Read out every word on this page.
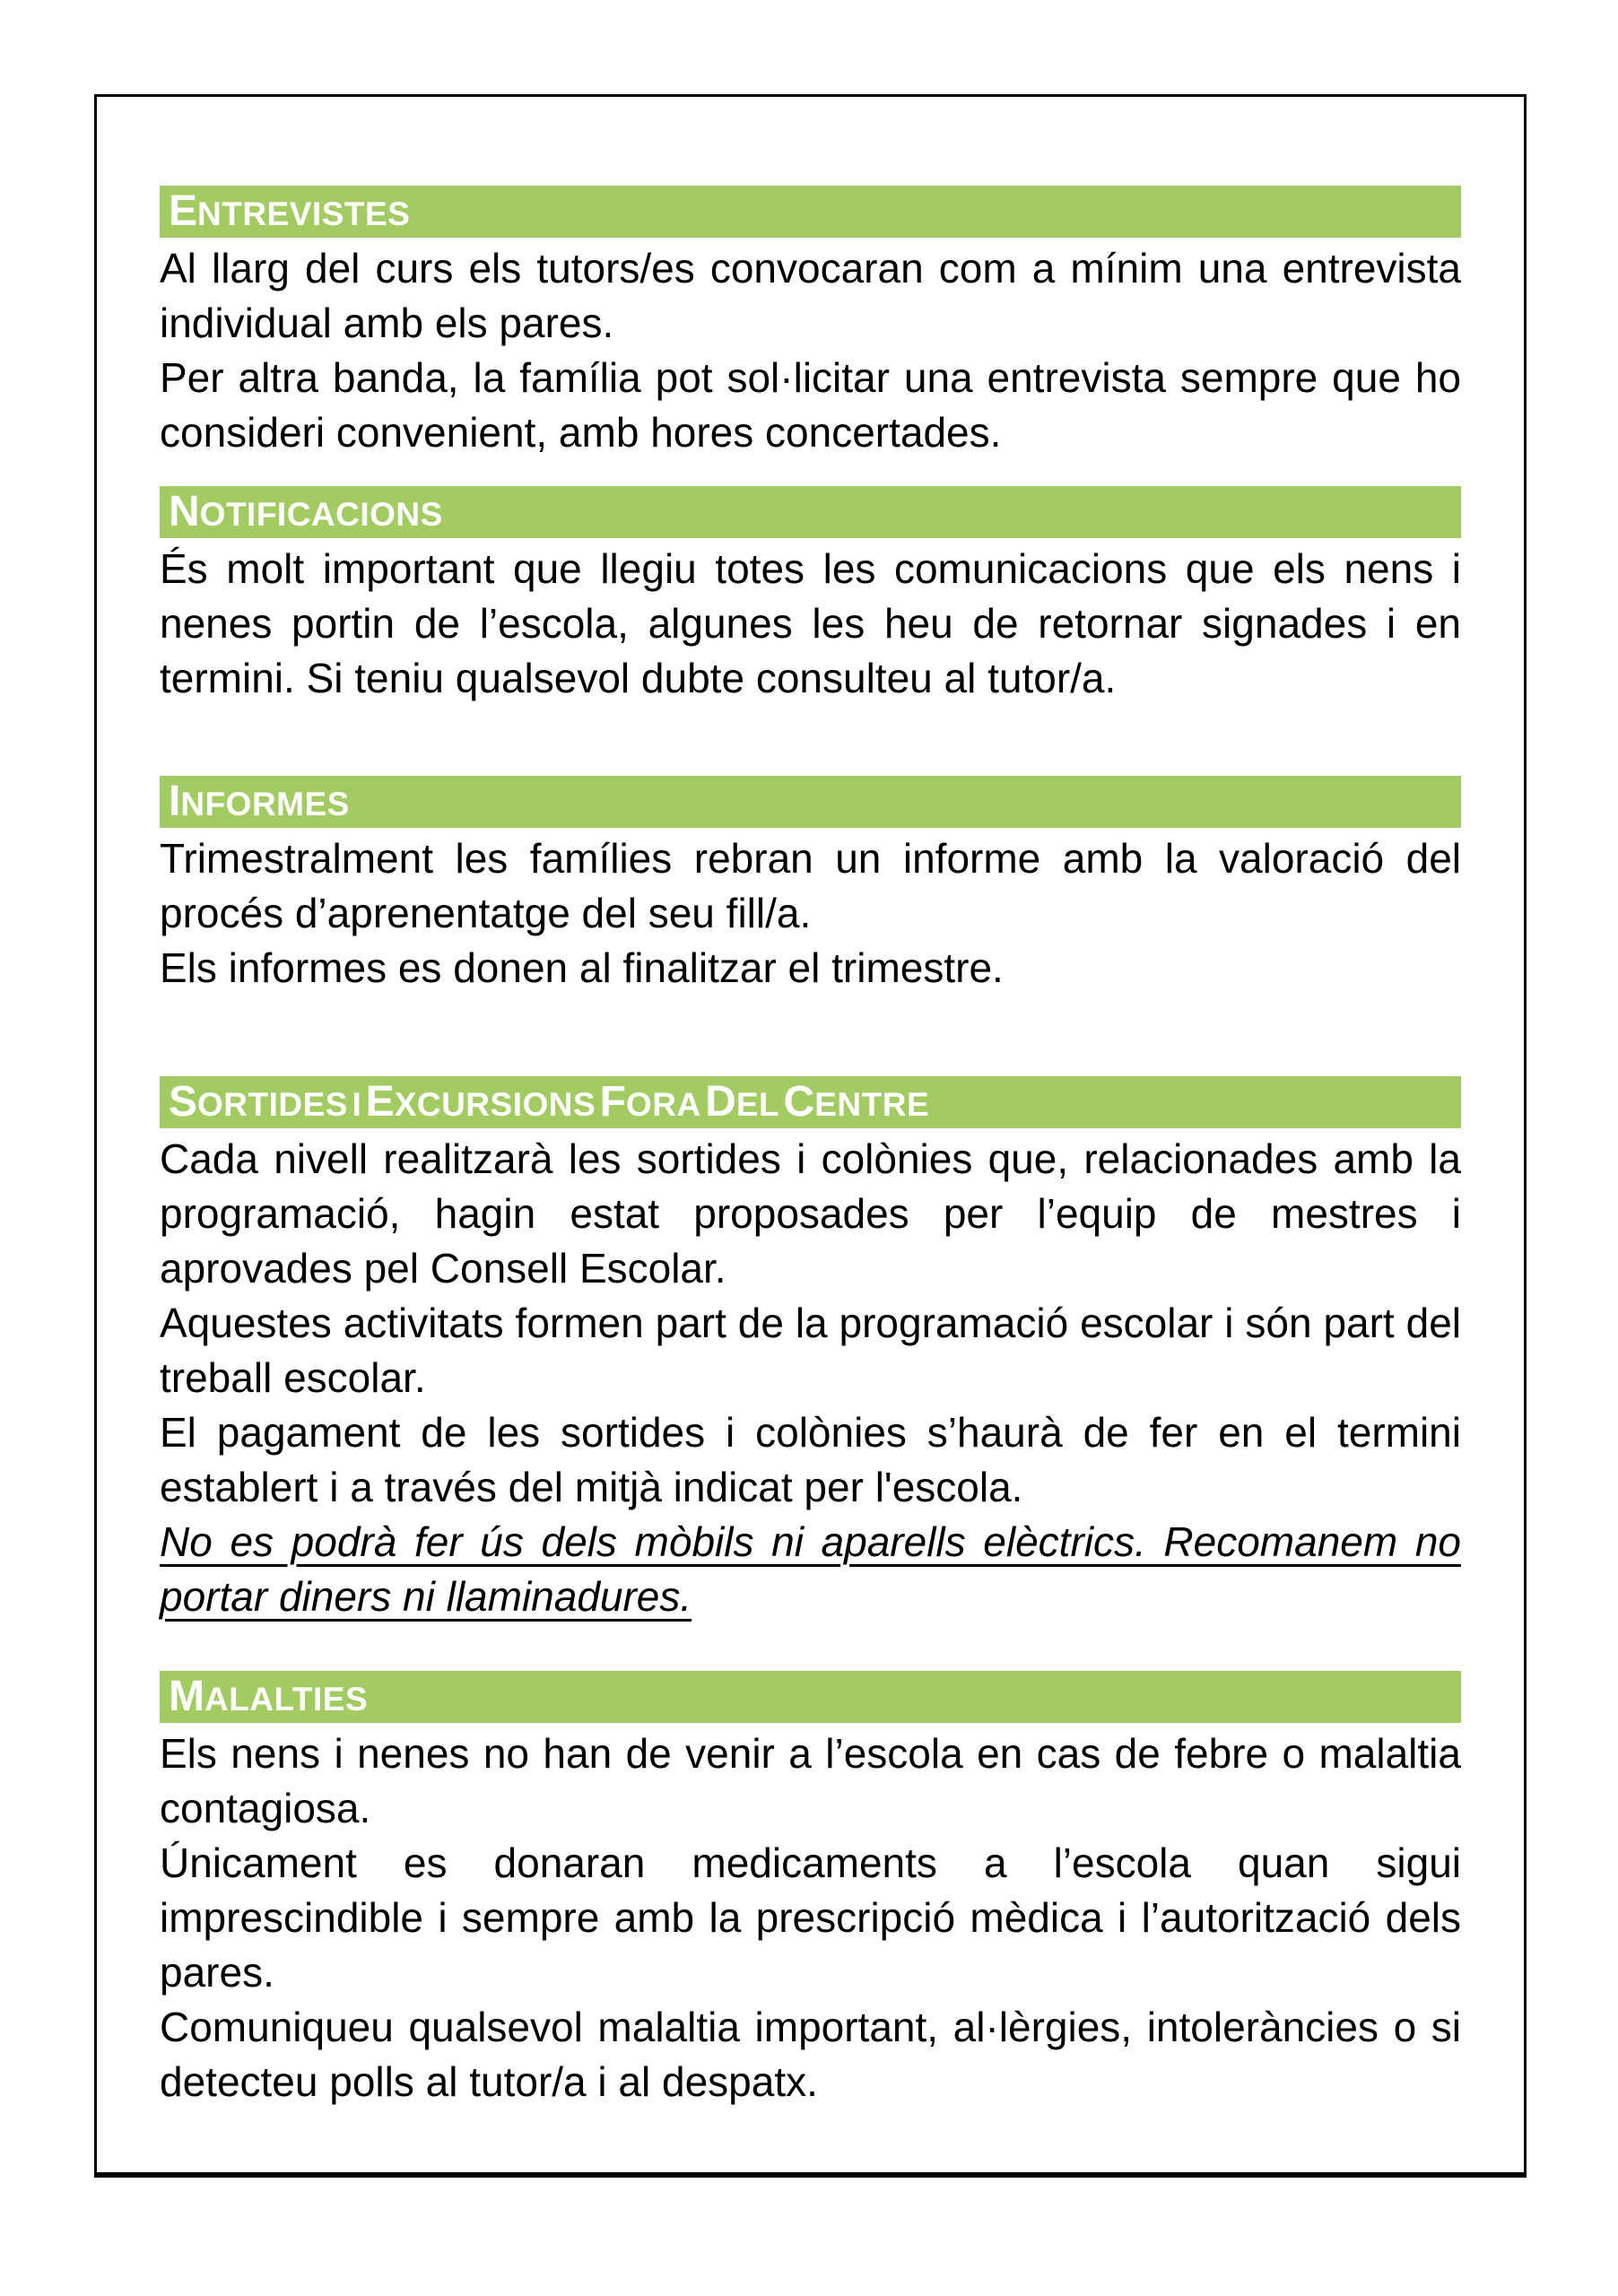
ENTREVISTES

Al llarg del curs els tutors/es convocaran com a mínim una entrevista individual amb els pares.

Per altra banda, la família pot sol·licitar una entrevista sempre que ho consideri convenient, amb hores concertades.

NOTIFICACIONS

És molt important que llegiu totes les comunicacions que els nens i nenes portin de l’escola, algunes les heu de retornar signades i en termini. Si teniu qualsevol dubte consulteu al tutor/a.

INFORMES

Trimestralment les famílies rebran un informe amb la valoració del procés d’aprenentatge del seu fill/a.

Els informes es donen al finalitzar el trimestre.

SORTIDES I EXCURSIONS FORA DEL CENTRE

Cada nivell realitzarà les sortides i colònies que, relacionades amb la programació, hagin estat proposades per l’equip de mestres i aprovades pel Consell Escolar.

Aquestes activitats formen part de la programació escolar i són part del treball escolar.

El pagament de les sortides i colònies s’haurà de fer en el termini establert i a través del mitjà indicat per l'escola.

No es podrà fer ús dels mòbils ni aparells elèctrics. Recomanem no portar diners ni llaminadures.

MALALTIES

Els nens i nenes no han de venir a l’escola en cas de febre o malaltia contagiosa.

Únicament es donaran medicaments a l’escola quan sigui imprescindible i sempre amb la prescripció mèdica i l’autorització dels pares.

Comuniqueu qualsevol malaltia important, al·lèrgies, intoleràncies o si detecteu polls al tutor/a i al despatx.
